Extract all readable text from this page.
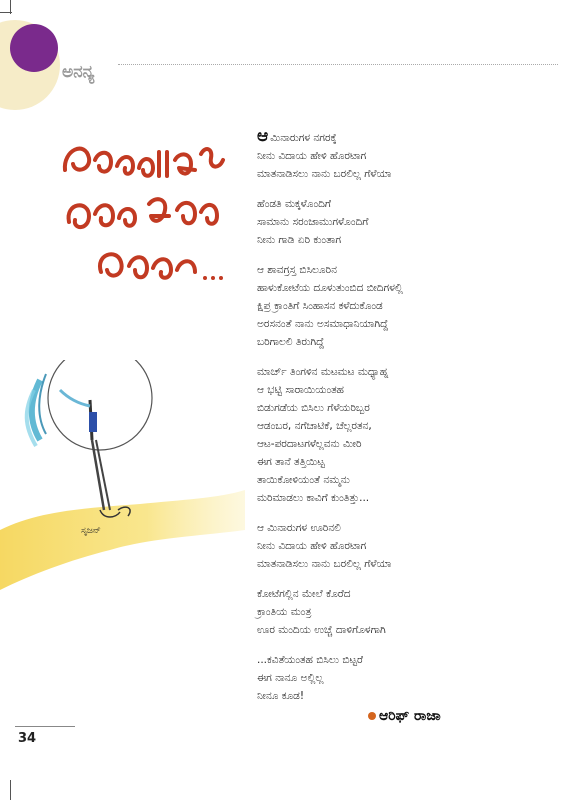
ಅನನ್ಯ
ಸೃಜನ್
ಆಮಿನಾರುಗಳ ನಗರಕ್ಕೆ
ನೀನು ವಿದಾಯ ಹೇಳಿ ಹೊರಟಾಗ
ಮಾತನಾಡಿಸಲು ನಾನು ಬರಲಿಲ್ಲ ಗೆಳೆಯಾ
ಹೆಂಡತಿ ಮಕ್ಕಳೊಂದಿಗೆ
ಸಾಮಾನು ಸರಂಜಾಮುಗಳೊಂದಿಗೆ
ನೀನು ಗಾಡಿ ಏರಿ ಕುಂತಾಗ
ಆ ಶಾವಗ್ರಸ್ತ ಬಿಸಿಲೂರಿನ
ಹಾಳುಕೋಟೆಯ ದೂಳುತುಂಬಿದ ಬೀದಿಗಳಲ್ಲಿ
ಕ್ಷಿಪ್ರ ಕ್ರಾಂತಿಗೆ ಸಿಂಹಾಸನ ಕಳೆದುಕೊಂಡ
ಅರಸನಂತೆ ನಾನು ಅಸಮಾಧಾನಿಯಾಗಿದ್ದೆ
ಬರಿಗಾಲಲಿ ತಿರುಗಿದ್ದೆ
ಮಾರ್ಚ್ ತಿಂಗಳಿನ ಮಟಮಟ ಮಧ್ಯಾಹ್ನ
ಆ ಭಟ್ಟಿ ಸಾರಾಯಿಯಂತಹ
ಬಿಡುಗಡೆಯ ಬಿಸಿಲು ಗೆಳೆಯರಿಬ್ಬರ
ಆಡಂಬರ, ನಗೆಚಾಟಿಕೆ, ಚೆಲ್ಲರತನ,
ಆಟ-ಪರದಾಟಗಳೆಲ್ಲವನು ಮೀರಿ
ಈಗ ತಾನೆ ತತ್ತಿಯಿಟ್ಟ
ತಾಯಿಕೋಳಿಯಂತೆ ನಮ್ಮನು
ಮರಿಮಾಡಲು ಕಾವಿಗೆ ಕುಂತಿತ್ತು...
ಆ ಮಿನಾರುಗಳ ಊರಿನಲಿ
ನೀನು ವಿದಾಯ ಹೇಳಿ ಹೊರಟಾಗ
ಮಾತನಾಡಿಸಲು ನಾನು ಬರಲಿಲ್ಲ ಗೆಳೆಯಾ
ಕೋಟೆಗಲ್ಲಿನ ಮೇಲೆ ಕೊರೆದ
ಕ್ರಾಂತಿಯ ಮಂತ್ರ
ಊರ ಮಂದಿಯ ಉಚ್ಚೆ ದಾಳಿಗೊಳಗಾಗಿ
...ಕವಿತೆಯಂತಹ ಬಿಸಿಲು ಬಿಟ್ಟರೆ
ಈಗ ನಾನೂ ಅಲ್ಲಿಲ್ಲ
ನೀನೂ ಕೂಡ!
ಆರಿಫ್ ರಾಜಾ
34
